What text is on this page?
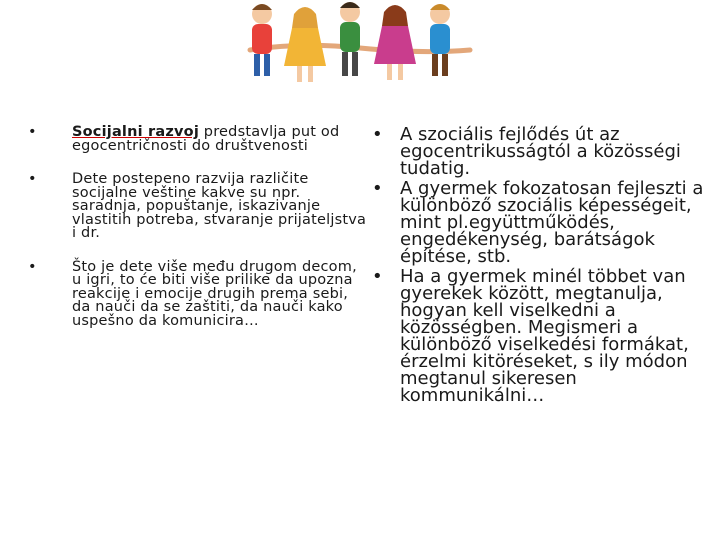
• Socijalni razvoj predstavlja put od egocentričnosti do društvenosti
• Dete postepeno razvija različite socijalne veštine kakve su npr. saradnja, popuštanje, iskazivanje vlastitih potreba, stvaranje prijateljstva i dr.
• Što je dete više među drugom decom, u igri, to će biti više prilike da upozna reakcije i emocije drugih prema sebi, da nauči da se zaštiti, da nauči kako uspešno da komunicira…
• A szociális fejlődés út az egocentrikusságtól a közösségi tudatig.
• A gyermek fokozatosan fejleszti a különböző szociális képességeit, mint pl.együttműködés, engedékenység, barátságok építése, stb.
• Ha a gyermek minél többet van gyerekek között, megtanulja, hogyan kell viselkedni a közösségben. Megismeri a különböző viselkedési formákat, érzelmi kitöréseket, s ily módon megtanul sikeresen kommunikálni…
